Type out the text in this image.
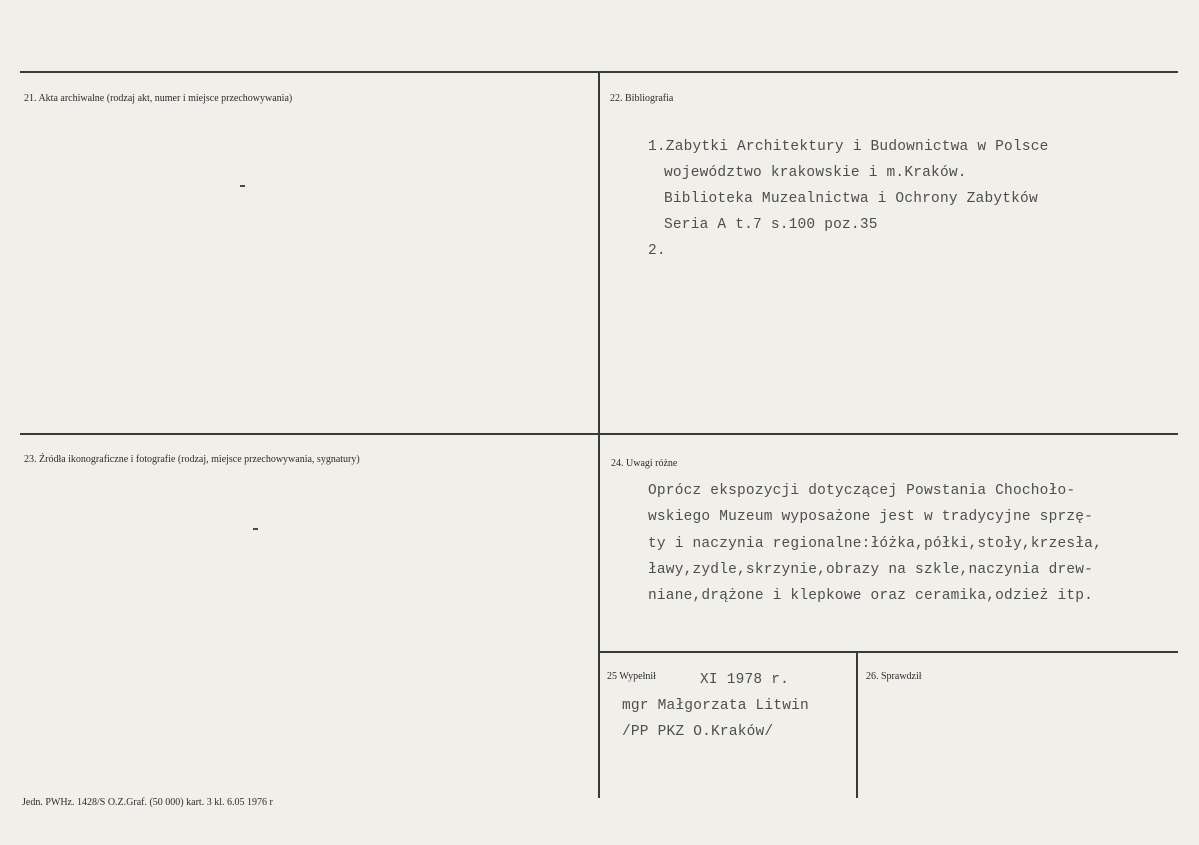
21. Akta archiwalne (rodzaj akt, numer i miejsce przechowywania)	22. Bibliografia
1.Zabytki Architektury i Budownictwa w Polsce
województwo krakowskie i m.Kraków.
Biblioteka Muzealnictwa i Ochrony Zabytków
Seria A t.7 s.100 poz.35
2.
23. Źródła ikonograficzne i fotografie (rodzaj, miejsce przechowywania, sygnatury)	24. Uwagi różne
Oprócz ekspozycji dotyczącej Powstania Chochoło-
wskiego Muzeum wyposażone jest w tradycyjne sprzę-
ty i naczynia regionalne:łóżka,półki,stoły,krzesła,
ławy,zydle,skrzynie,obrazy na szkle,naczynia drew-
niane,drążone i klepkowe oraz ceramika,odzież itp.
25 Wypełnił	XI 1978 r.
mgr Małgorzata Litwin
/PP PKZ O.Kraków/
26. Sprawdził
Jedn. PWHz. 1428/S O.Z.Graf. (50 000) kart. 3 kl. 6.05 1976 r
